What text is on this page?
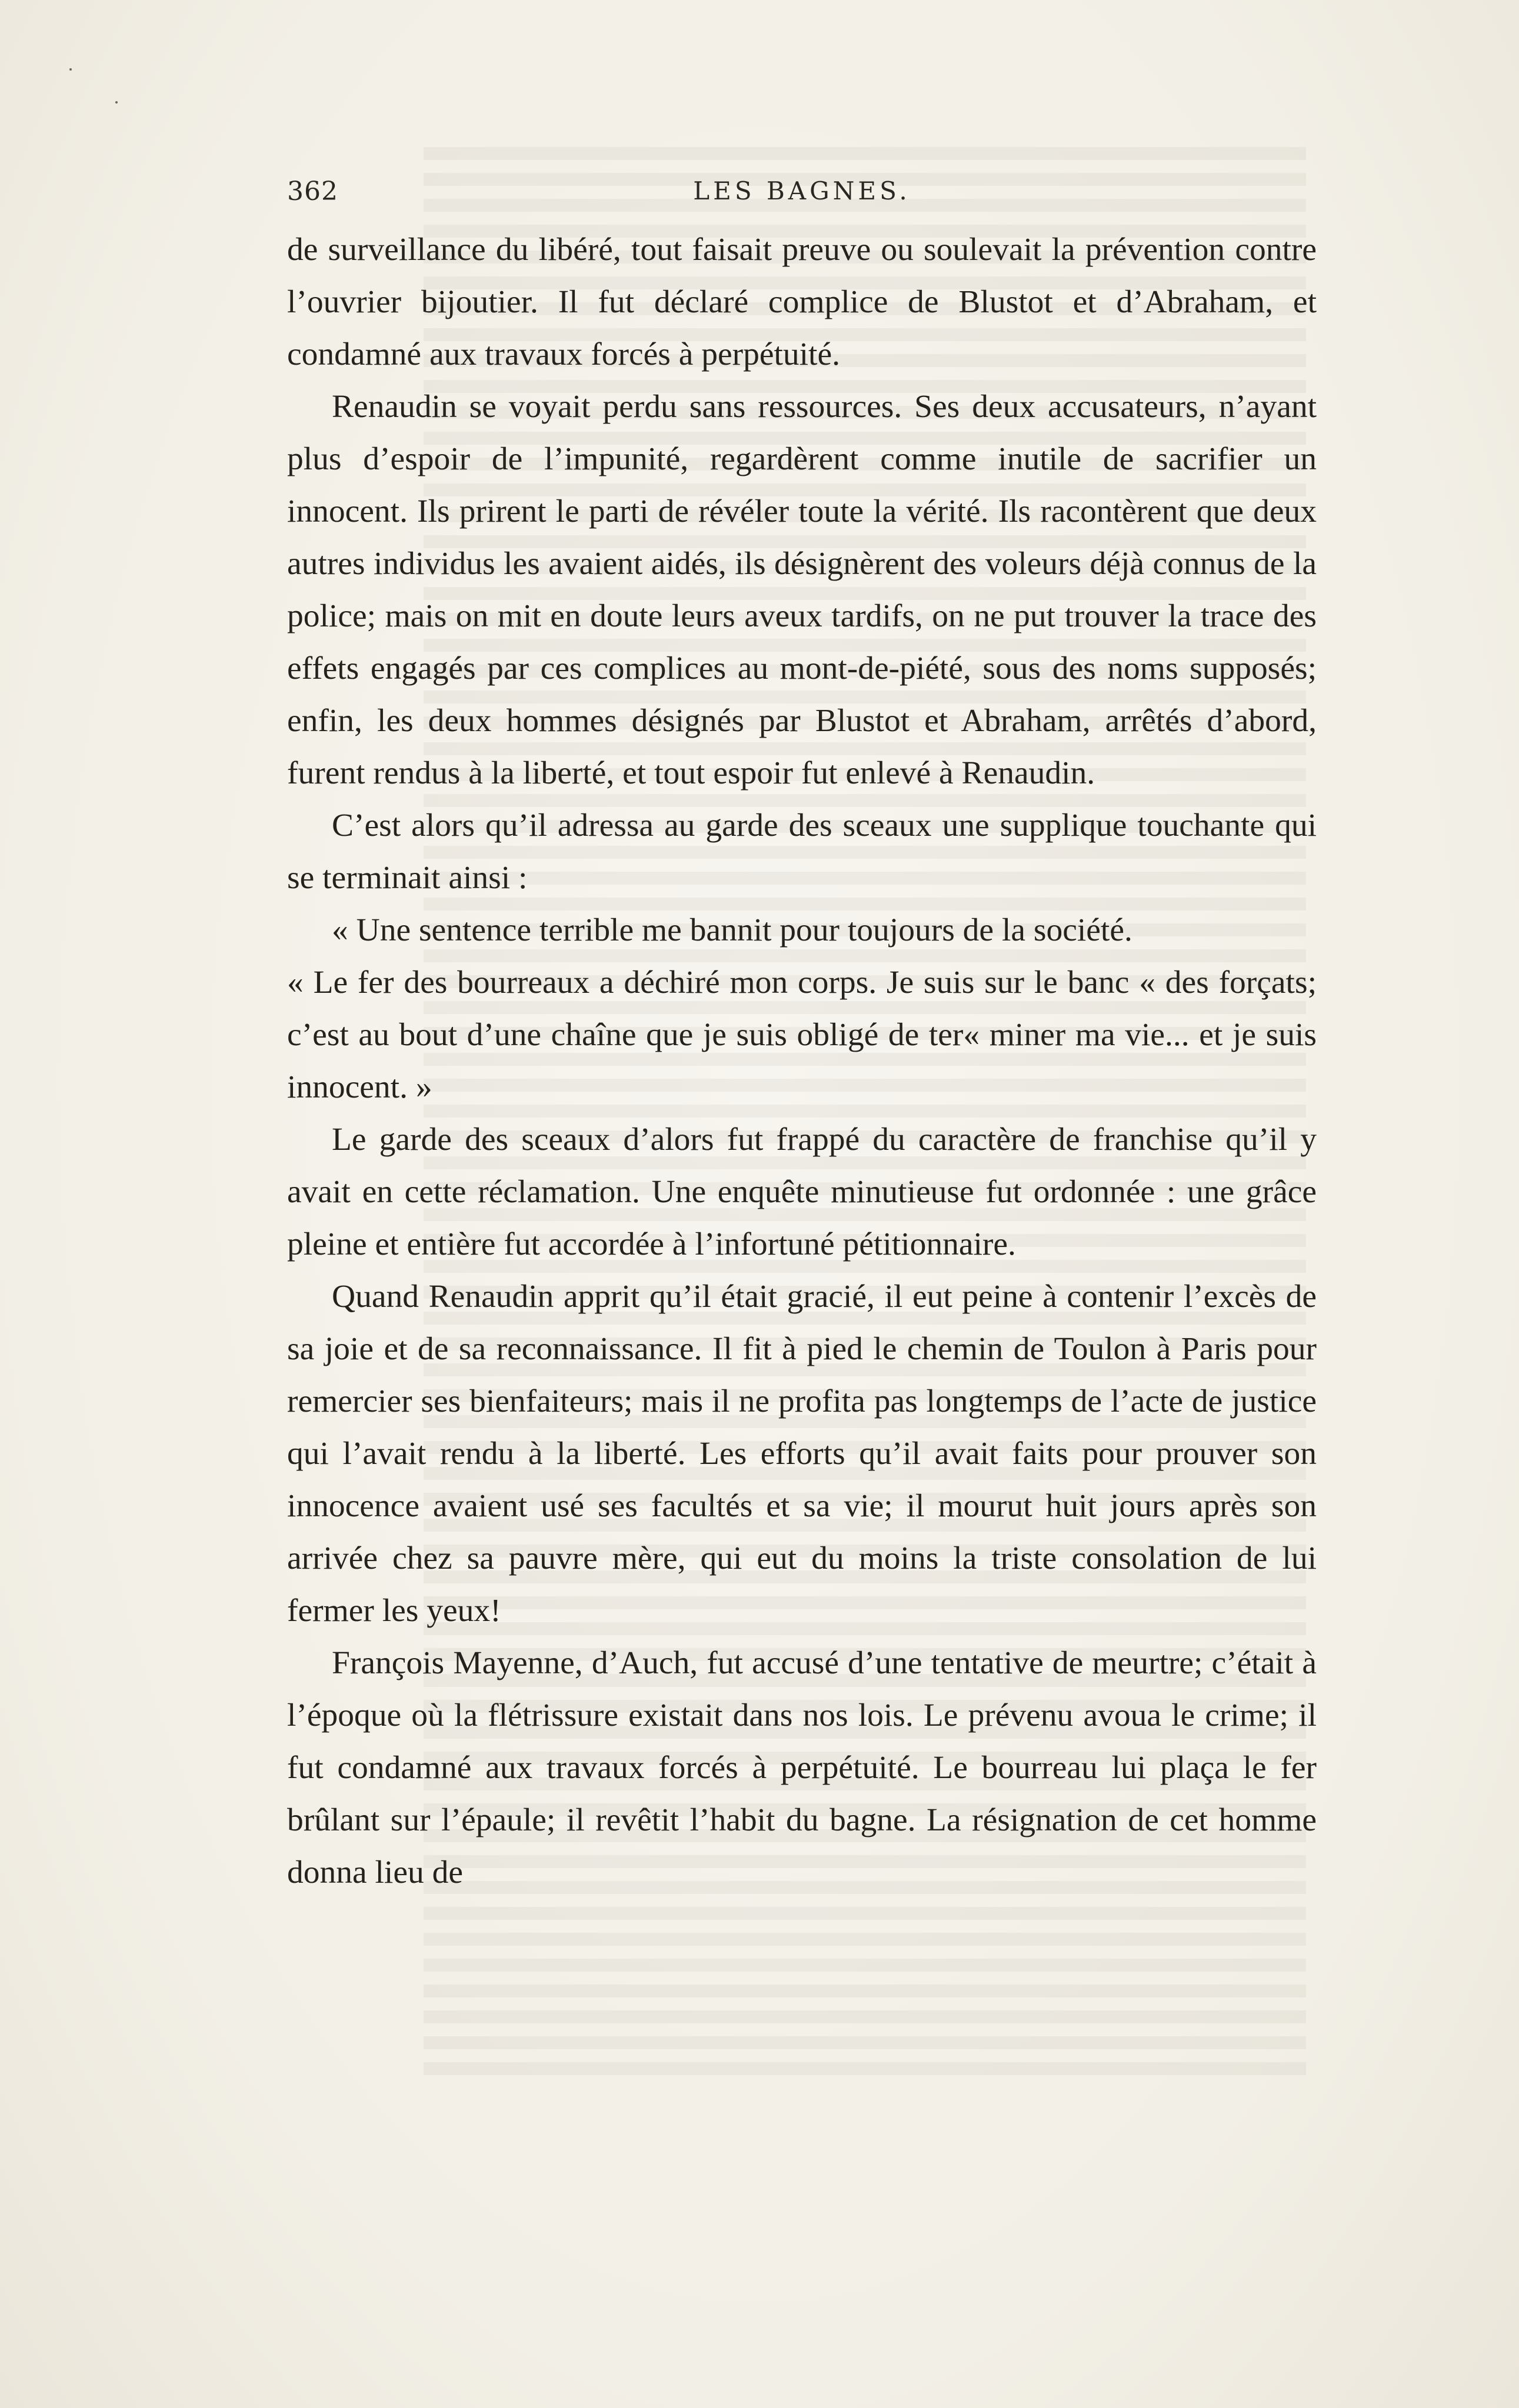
362	LES BAGNES.

de surveillance du libéré, tout faisait preuve ou soulevait la prévention contre l’ouvrier bijoutier. Il fut déclaré complice de Blustot et d’Abraham, et condamné aux travaux forcés à perpétuité.

Renaudin se voyait perdu sans ressources. Ses deux accusateurs, n’ayant plus d’espoir de l’impunité, regardèrent comme inutile de sacrifier un innocent. Ils prirent le parti de révéler toute la vérité. Ils racontèrent que deux autres individus les avaient aidés, ils désignèrent des voleurs déjà connus de la police; mais on mit en doute leurs aveux tardifs, on ne put trouver la trace des effets engagés par ces complices au mont-de-piété, sous des noms supposés; enfin, les deux hommes désignés par Blustot et Abraham, arrêtés d’abord, furent rendus à la liberté, et tout espoir fut enlevé à Renaudin.

C’est alors qu’il adressa au garde des sceaux une supplique touchante qui se terminait ainsi :

« Une sentence terrible me bannit pour toujours de la société.

« Le fer des bourreaux a déchiré mon corps. Je suis sur le banc « des forçats; c’est au bout d’une chaîne que je suis obligé de ter« miner ma vie... et je suis innocent. »

Le garde des sceaux d’alors fut frappé du caractère de franchise qu’il y avait en cette réclamation. Une enquête minutieuse fut ordonnée : une grâce pleine et entière fut accordée à l’infortuné pétitionnaire.

Quand Renaudin apprit qu’il était gracié, il eut peine à contenir l’excès de sa joie et de sa reconnaissance. Il fit à pied le chemin de Toulon à Paris pour remercier ses bienfaiteurs; mais il ne profita pas longtemps de l’acte de justice qui l’avait rendu à la liberté. Les efforts qu’il avait faits pour prouver son innocence avaient usé ses facultés et sa vie; il mourut huit jours après son arrivée chez sa pauvre mère, qui eut du moins la triste consolation de lui fermer les yeux!

François Mayenne, d’Auch, fut accusé d’une tentative de meurtre; c’était à l’époque où la flétrissure existait dans nos lois. Le prévenu avoua le crime; il fut condamné aux travaux forcés à perpétuité. Le bourreau lui plaça le fer brûlant sur l’épaule; il revêtit l’habit du bagne. La résignation de cet homme donna lieu de
